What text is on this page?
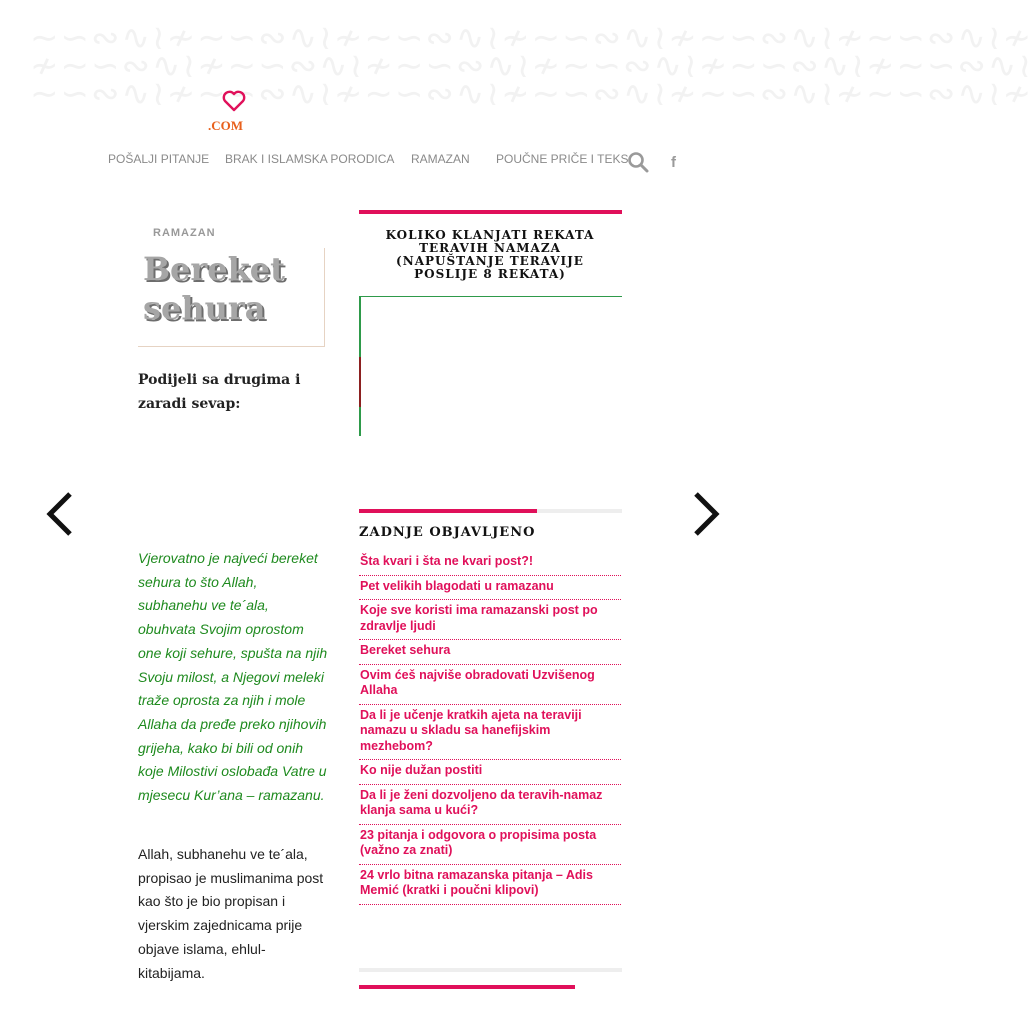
∼∽∾∿≀≁∼∽∾∿≀≁∼∽∾∿≀≁∼∽∾∿≀≁∼∽∾∿≀≁∼∽∾∿≀≁
≁∼∽∾∿≀≁∼∽∾∿≀≁∼∽∾∿≀≁∼∽∾∿≀≁∼∽∾∿≀≁∼∽∾∿≀
∼∽∾∿≀≁∼∽∾∿≀≁∼∽∾∿≀≁∼∽∾∿≀≁∼∽∾∿≀≁∼∽∾∿≀≁
.COM
POŠALJI PITANJE BRAK I ISLAMSKA PORODICA RAMAZAN POUČNE PRIČE I TEKS	f
RAMAZAN
Bereket sehura
Podijeli sa drugima i zaradi sevap:

Vjerovatno je najveći bereket sehura to što Allah, subhanehu ve te´ala, obuhvata Svojim oprostom one koji sehure, spušta na njih Svoju milost, a Njegovi meleki traže oprosta za njih i mole Allaha da pređe preko njihovih grijeha, kako bi bili od onih koje Milostivi oslobađa Vatre u mjesecu Kur’ana – ramazanu.

Allah, subhanehu ve te´ala, propisao je muslimanima post kao što je bio propisan i vjerskim zajednicama prije objave islama, ehlul-kitabijama.

KOLIKO KLANJATI REKATA TERAVIH NAMAZA (NAPUŠTANJE TERAVIJE POSLIJE 8 REKATA)
ZADNJE OBJAVLJENO
Šta kvari i šta ne kvari post?!
Pet velikih blagodati u ramazanu
Koje sve koristi ima ramazanski post po zdravlje ljudi
Bereket sehura
Ovim ćeš najviše obradovati Uzvišenog Allaha
Da li je učenje kratkih ajeta na teraviji namazu u skladu sa hanefijskim mezhebom?
Ko nije dužan postiti
Da li je ženi dozvoljeno da teravih-namaz klanja sama u kući?
23 pitanja i odgovora o propisima posta (važno za znati)
24 vrlo bitna ramazanska pitanja – Adis Memić (kratki i poučni klipovi)
